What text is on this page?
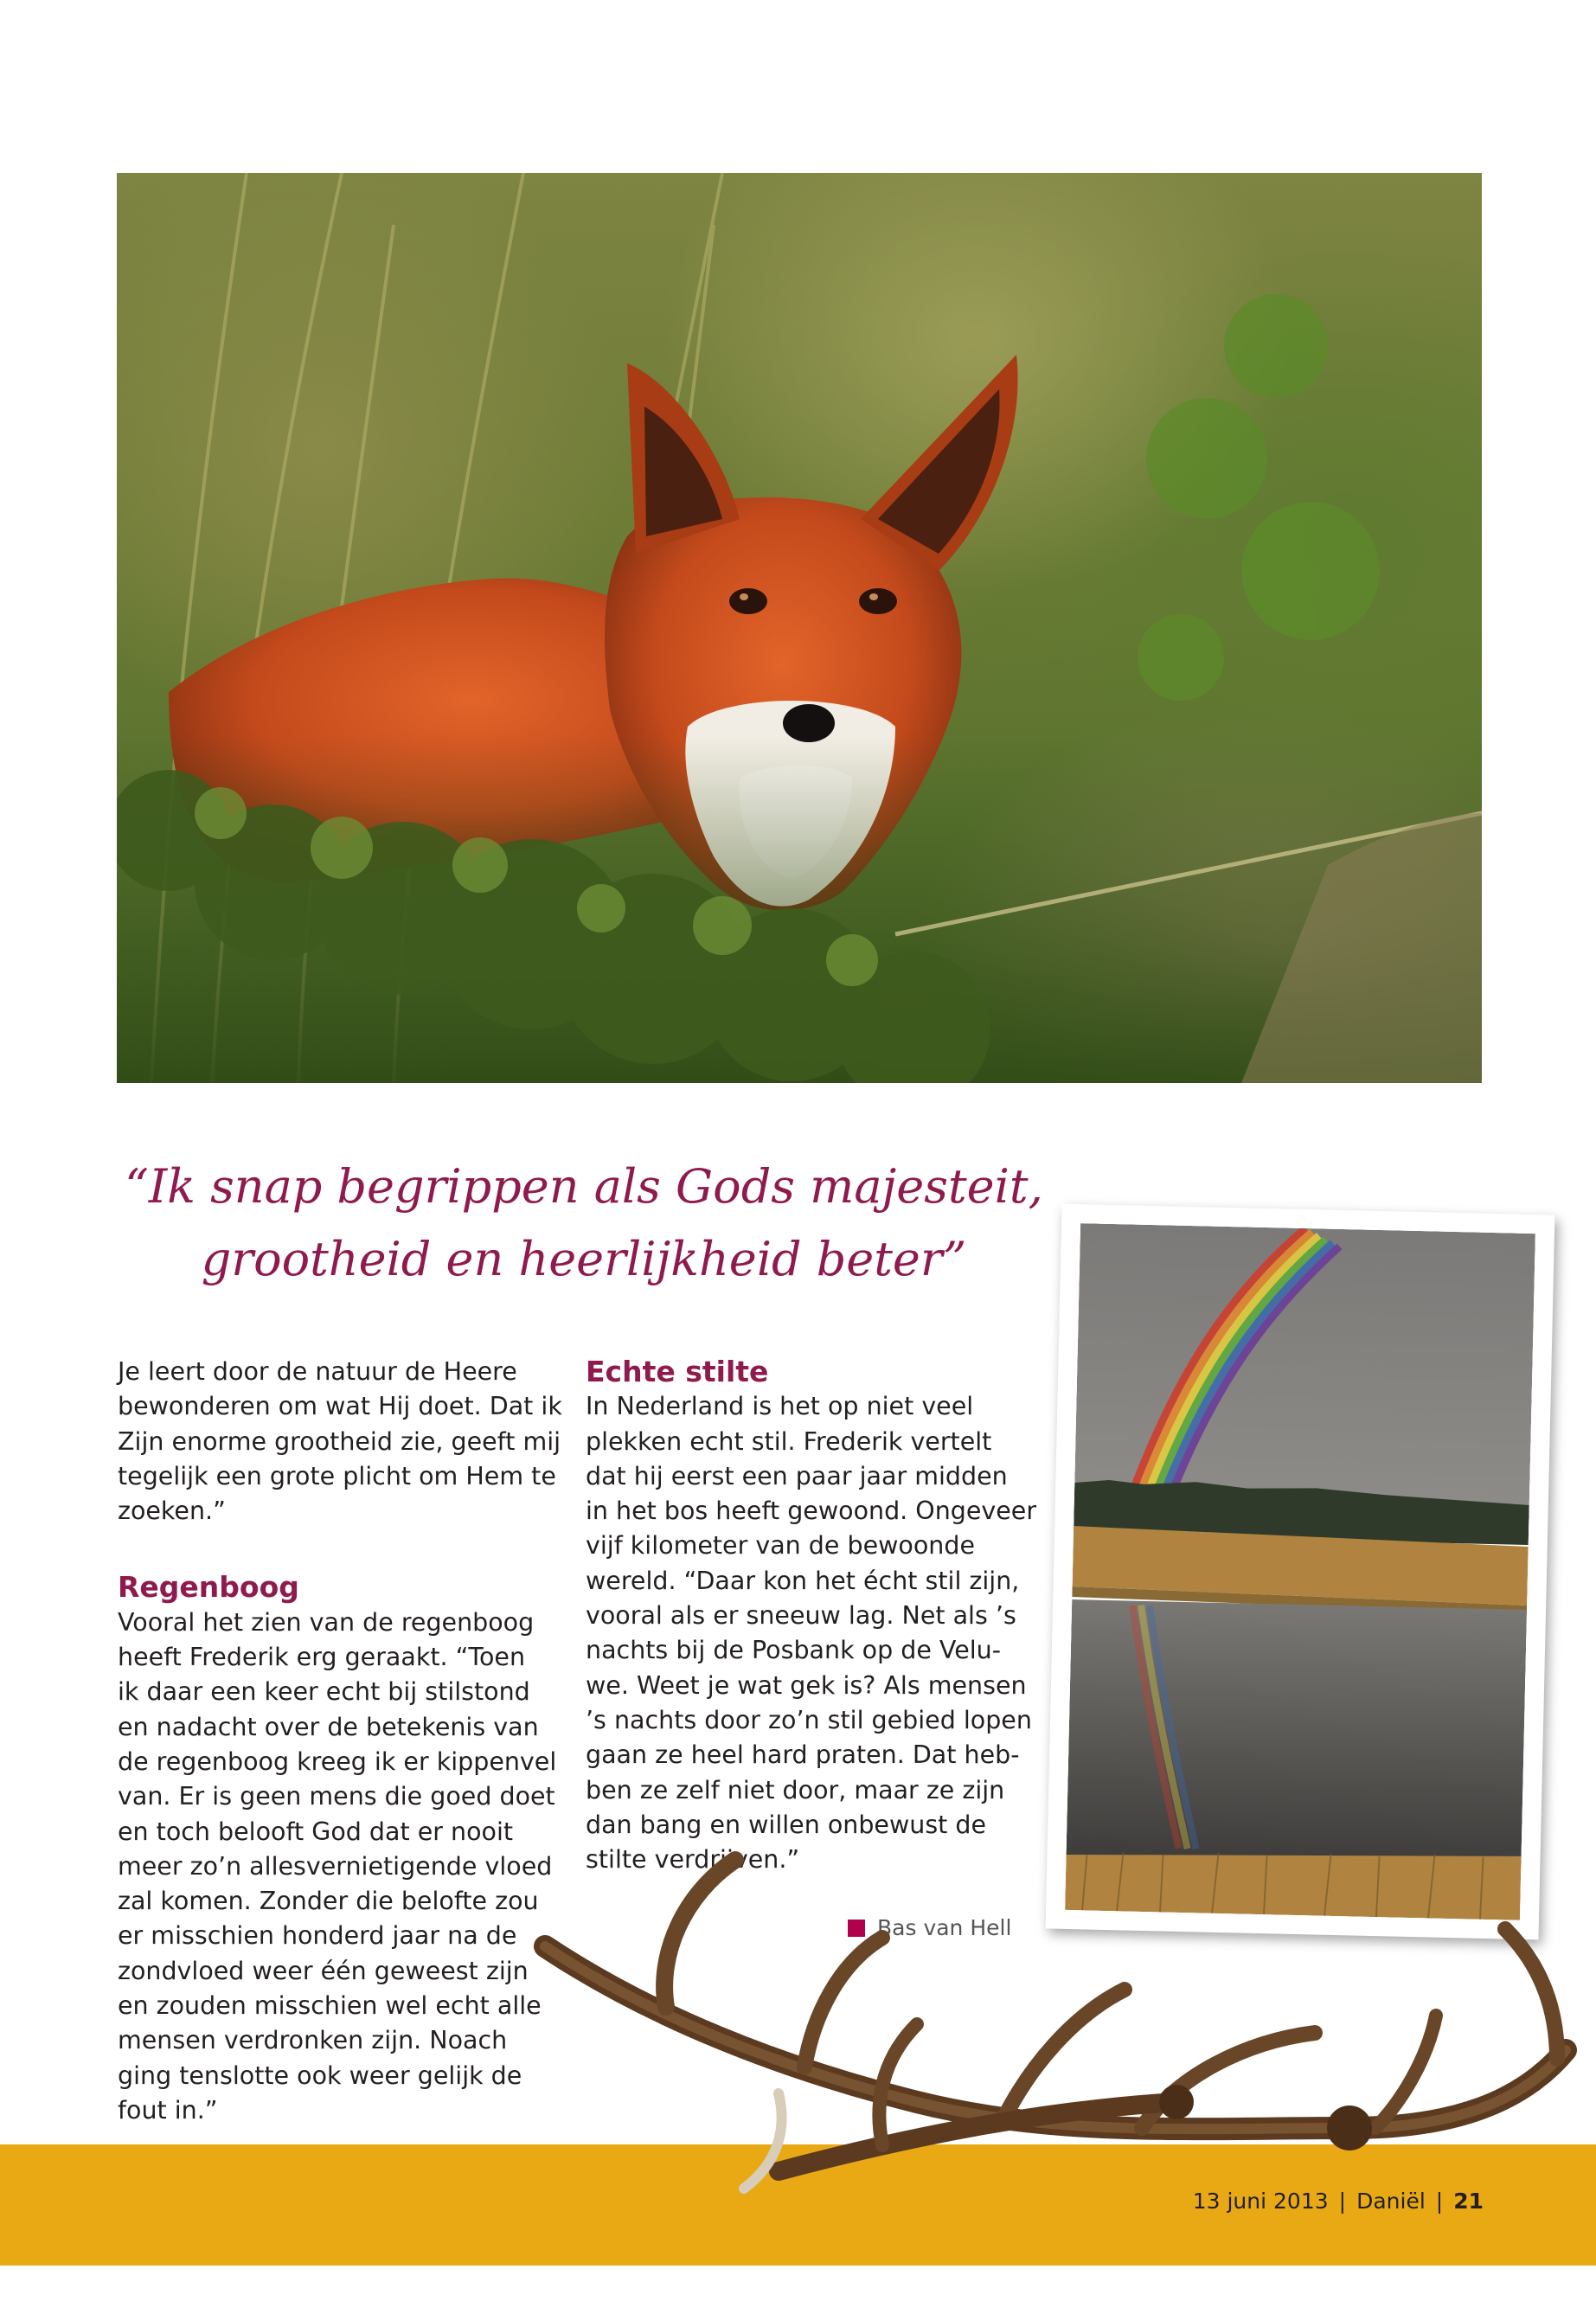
“Ik snap begrippen als Gods majesteit,
grootheid en heerlijkheid beter”

Je leert door de natuur de Heere
bewonderen om wat Hij doet. Dat ik
Zijn enorme grootheid zie, geeft mij
tegelijk een grote plicht om Hem te
zoeken.”

Regenboog

Vooral het zien van de regenboog
heeft Frederik erg geraakt. “Toen
ik daar een keer echt bij stilstond
en nadacht over de betekenis van
de regenboog kreeg ik er kippenvel
van. Er is geen mens die goed doet
en toch belooft God dat er nooit
meer zo’n allesvernietigende vloed
zal komen. Zonder die belofte zou
er misschien honderd jaar na de
zondvloed weer één geweest zijn
en zouden misschien wel echt alle
mensen verdronken zijn. Noach
ging tenslotte ook weer gelijk de
fout in.”

Echte stilte

In Nederland is het op niet veel
plekken echt stil. Frederik vertelt
dat hij eerst een paar jaar midden
in het bos heeft gewoond. Ongeveer
vijf kilometer van de bewoonde
wereld. “Daar kon het écht stil zijn,
vooral als er sneeuw lag. Net als ’s
nachts bij de Posbank op de Velu-
we. Weet je wat gek is? Als mensen
’s nachts door zo’n stil gebied lopen
gaan ze heel hard praten. Dat heb-
ben ze zelf niet door, maar ze zijn
dan bang en willen onbewust de
stilte verdrijven.”

Bas van Hell
13 juni 2013 | Daniël | 21
